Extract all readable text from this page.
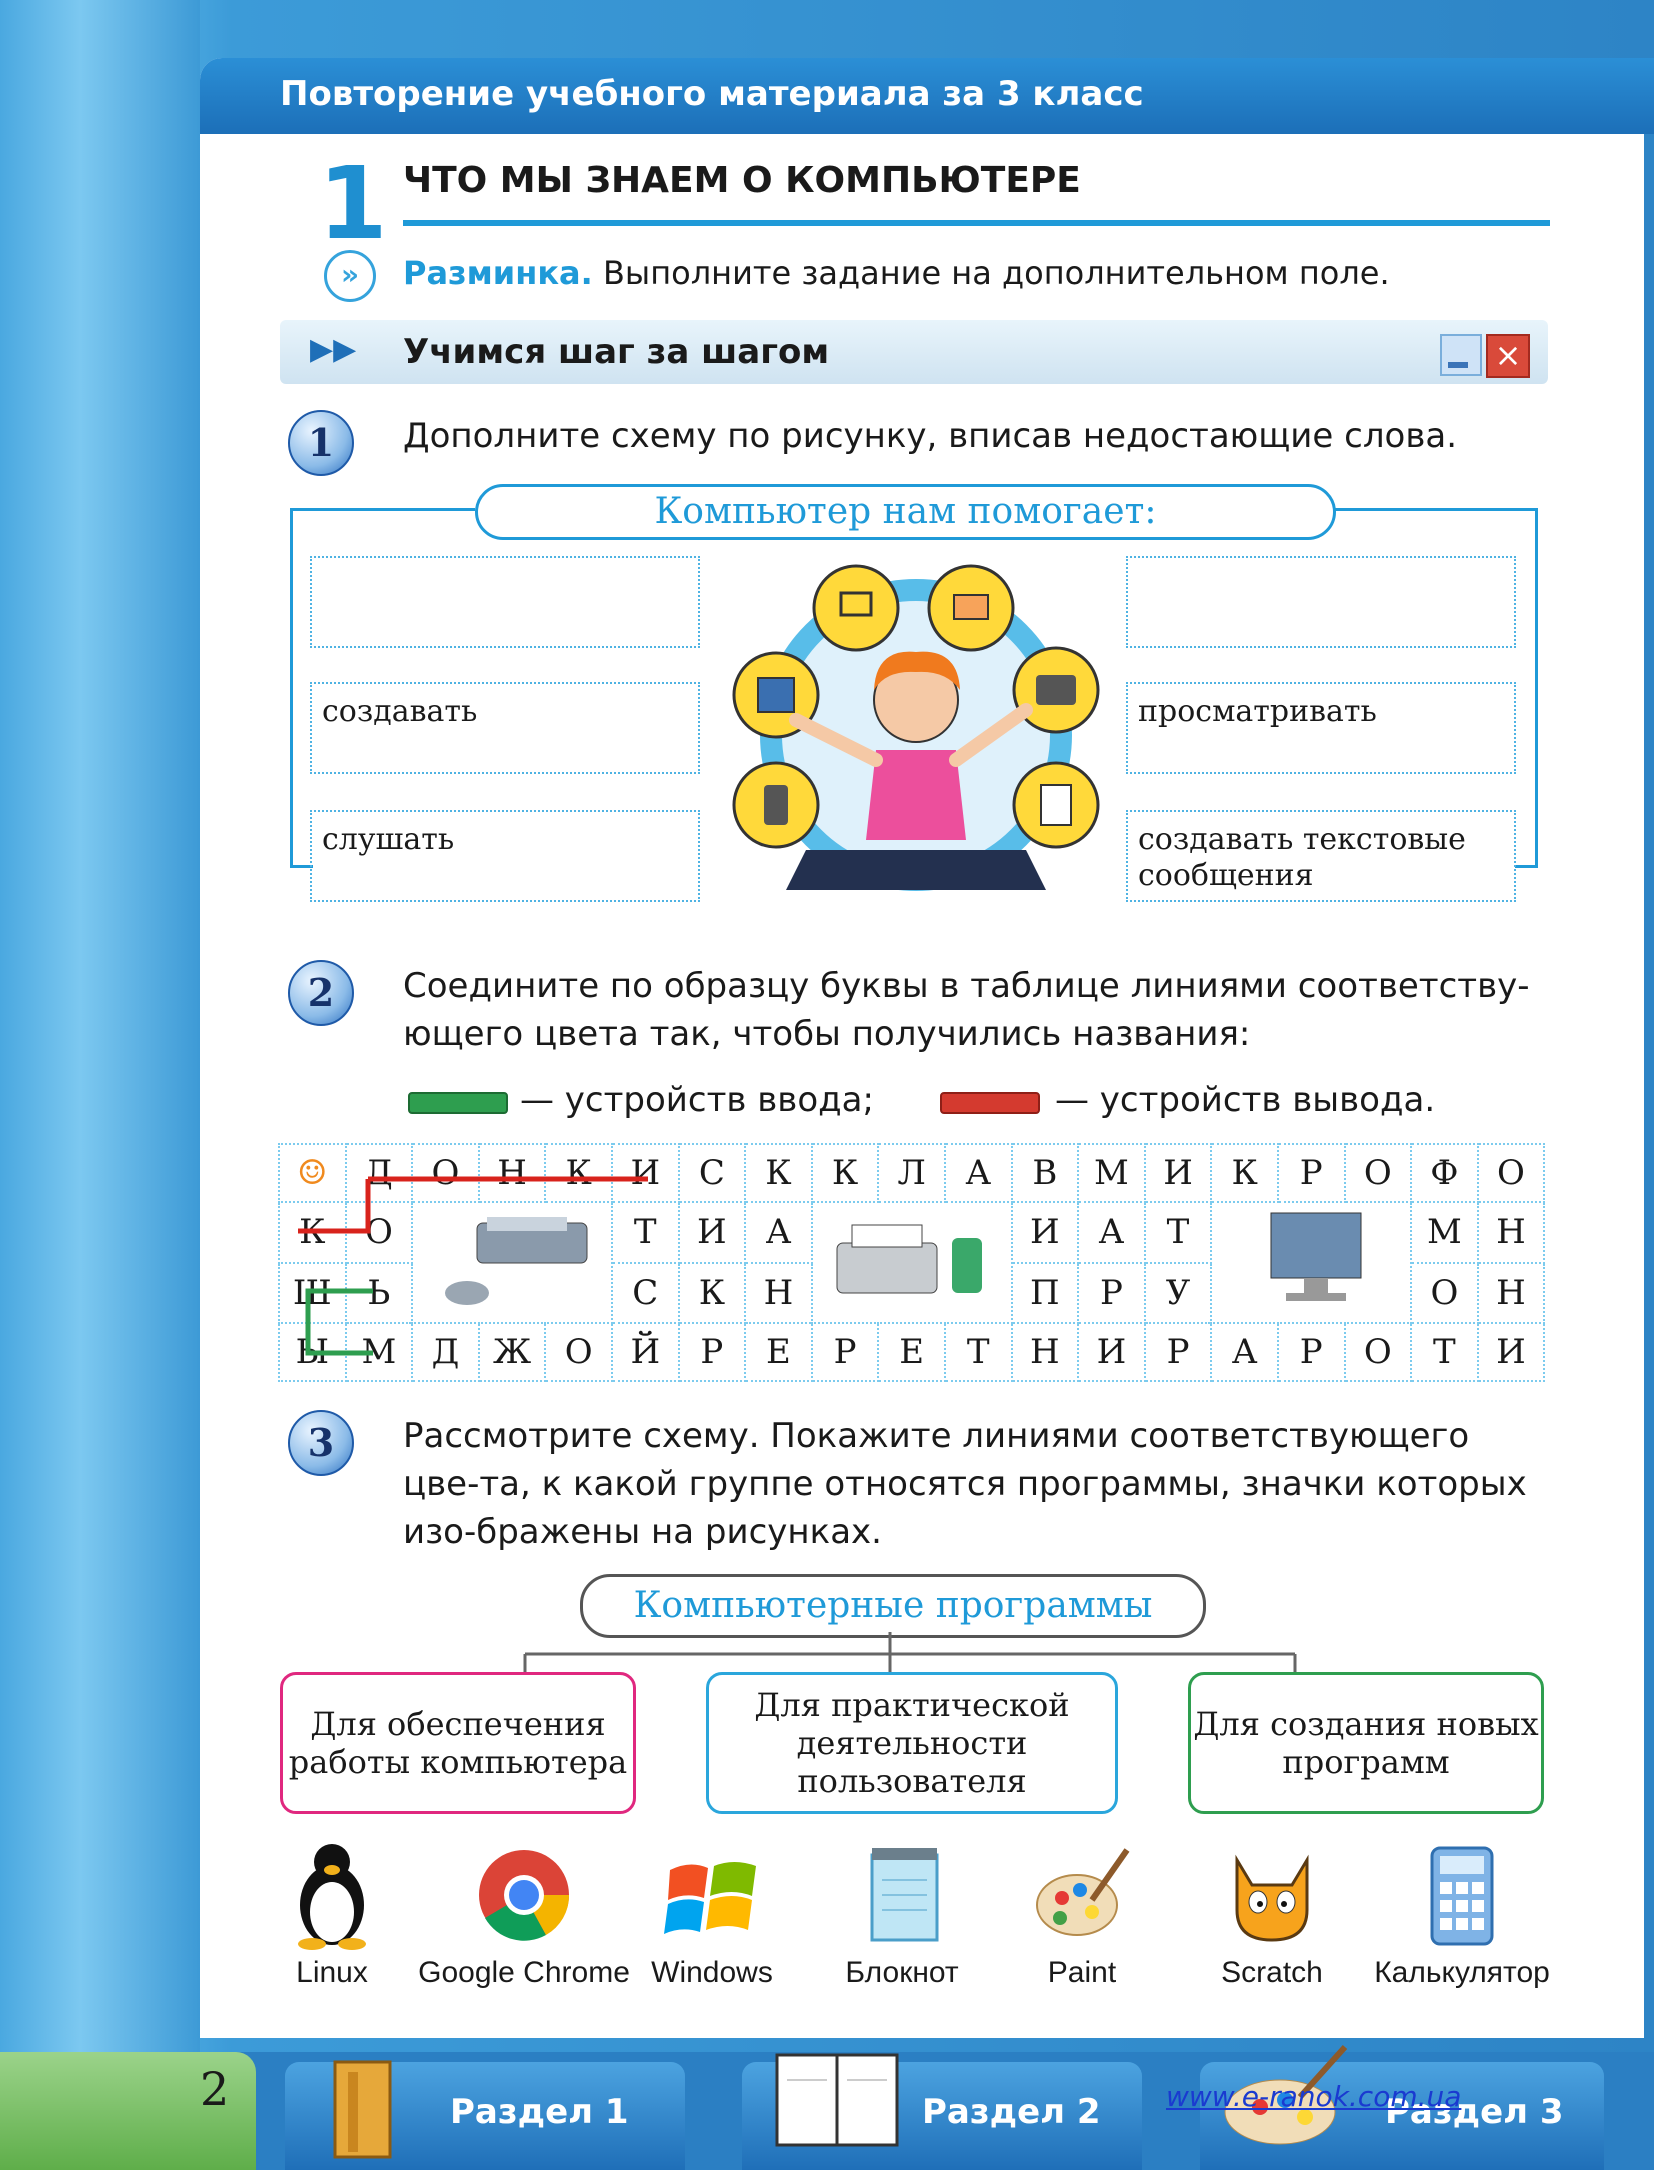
Повторение учебного материала за 3 класс
1 ЧТО МЫ ЗНАЕМ О КОМПЬЮТЕРЕ
»	Разминка. Выполните задание на дополнительном поле.
▶▶ Учимся шаг за шагом	×
1	Дополните схему по рисунку, вписав недостающие слова.
Компьютер нам помогает:
создавать
слушать
просматривать
создавать текстовые сообщения
2	Соедините по образцу буквы в таблице линиями соответству-ющего цвета так, чтобы получились названия:
— устройств ввода;	— устройств вывода.
☺	Д	О	Н	К	И	С	К	К	Л	А	В	М	И	К	Р	О	Ф	О
К	О				Т	И	А				И	А	Т				М	Н
Ш	Ь				С	К	Н				П	Р	У				О	Н
Ы	М	Д	Ж	О	Й	Р	Е	Р	Е	Т	Н	И	Р	А	Р	О	Т	И
3	Рассмотрите схему. Покажите линиями соответствующего цве-та, к какой группе относятся программы, значки которых изо-бражены на рисунках.
Компьютерные программы
Для обеспечения работы компьютера
Для практической деятельности пользователя
Для создания новых программ
Linux	Google Chrome Windows	Блокнот	Paint	Scratch	Калькулятор
2	Раздел 1	Раздел 2	Раздел 3
www.e-ranok.com.ua
